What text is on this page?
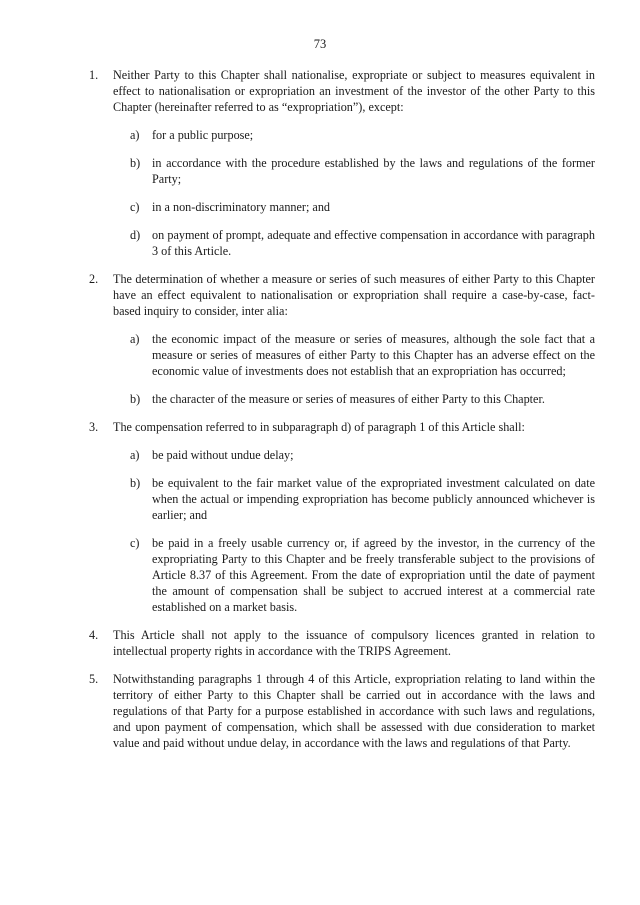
73
1.	Neither Party to this Chapter shall nationalise, expropriate or subject to measures equivalent in effect to nationalisation or expropriation an investment of the investor of the other Party to this Chapter (hereinafter referred to as “expropriation”), except:
a)	for a public purpose;
b) in accordance with the procedure established by the laws and regulations of the former Party;
c)	in a non-discriminatory manner; and
d) on payment of prompt, adequate and effective compensation in accordance with paragraph 3 of this Article.
2.	The determination of whether a measure or series of such measures of either Party to this Chapter have an effect equivalent to nationalisation or expropriation shall require a case-by-case, fact-based inquiry to consider, inter alia:
a)	the economic impact of the measure or series of measures, although the sole fact that a measure or series of measures of either Party to this Chapter has an adverse effect on the economic value of investments does not establish that an expropriation has occurred;
b) the character of the measure or series of measures of either Party to this Chapter.
3.	The compensation referred to in subparagraph d) of paragraph 1 of this Article shall:
a)	be paid without undue delay;
b) be equivalent to the fair market value of the expropriated investment calculated on date when the actual or impending expropriation has become publicly announced whichever is earlier; and
c)	be paid in a freely usable currency or, if agreed by the investor, in the currency of the expropriating Party to this Chapter and be freely transferable subject to the provisions of Article 8.37 of this Agreement. From the date of expropriation until the date of payment the amount of compensation shall be subject to accrued interest at a commercial rate established on a market basis.
4.	This Article shall not apply to the issuance of compulsory licences granted in relation to intellectual property rights in accordance with the TRIPS Agreement.
5.	Notwithstanding paragraphs 1 through 4 of this Article, expropriation relating to land within the territory of either Party to this Chapter shall be carried out in accordance with the laws and regulations of that Party for a purpose established in accordance with such laws and regulations, and upon payment of compensation, which shall be assessed with due consideration to market value and paid without undue delay, in accordance with the laws and regulations of that Party.
